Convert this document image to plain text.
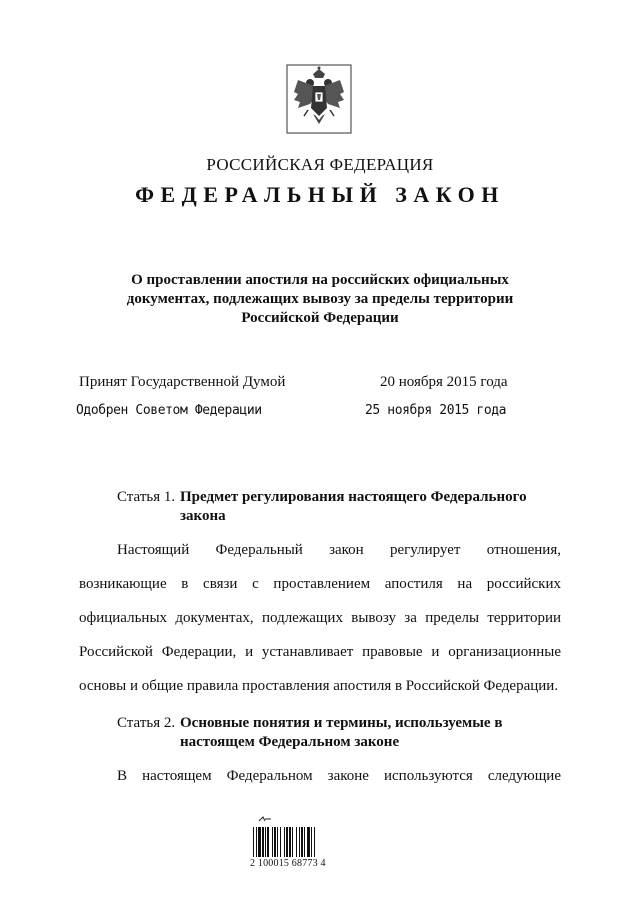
РОССИЙСКАЯ ФЕДЕРАЦИЯ
ФЕДЕРАЛЬНЫЙ ЗАКОН
О проставлении апостиля на российских официальных
документах, подлежащих вывозу за пределы территории
Российской Федерации
Принят Государственной Думой	20 ноября 2015 года
Одобрен Советом Федерации	25 ноября 2015 года
Статья 1. Предмет регулирования настоящего Федерального
закона
Настоящий Федеральный закон регулирует отношения,
возникающие в связи с проставлением апостиля на российских
официальных документах, подлежащих вывозу за пределы территории
Российской Федерации, и устанавливает правовые и организационные
основы и общие правила проставления апостиля в Российской Федерации.
Статья 2. Основные понятия и термины, используемые в
настоящем Федеральном законе
В настоящем Федеральном законе используются следующие
2 100015 68773 4
